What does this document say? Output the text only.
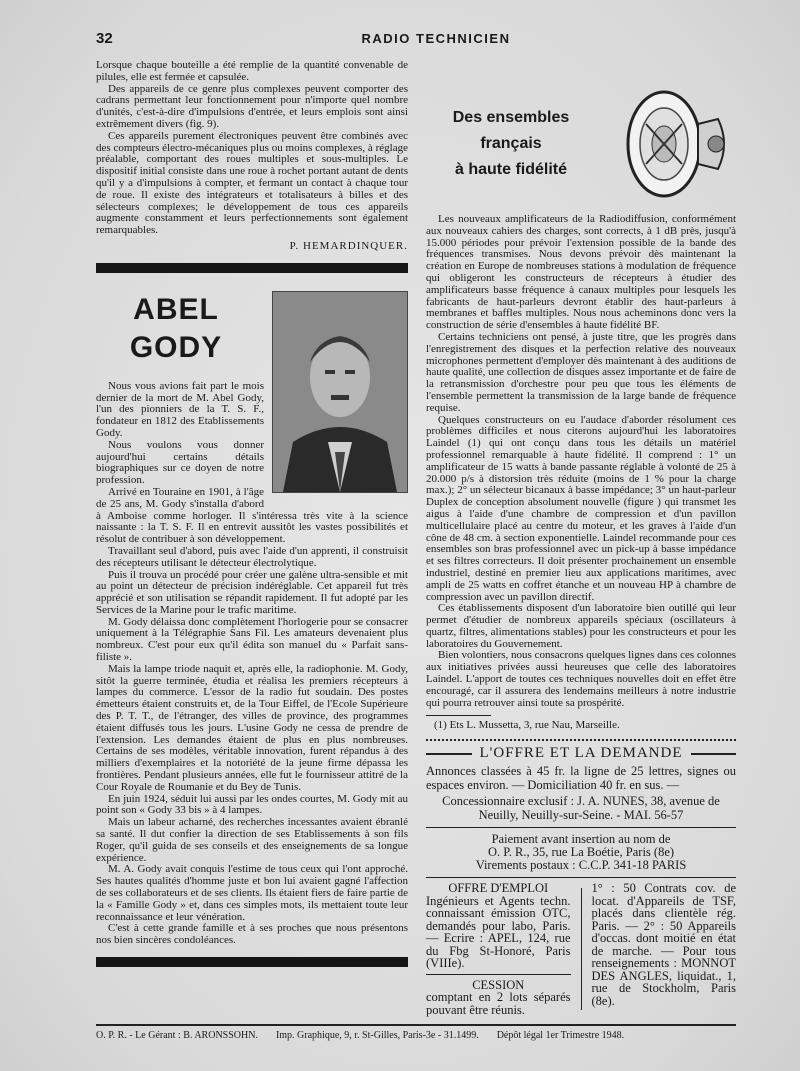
32	RADIO TECHNICIEN

Lorsque chaque bouteille a été remplie de la quantité convenable de pilules, elle est fermée et capsulée.

Des appareils de ce genre plus complexes peuvent comporter des cadrans permettant leur fonctionnement pour n'importe quel nombre d'unités, c'est-à-dire d'impulsions d'entrée, et leurs emplois sont ainsi extrêmement divers (fig. 9).

Ces appareils purement électroniques peuvent être combinés avec des compteurs électro-mécaniques plus ou moins complexes, à réglage préalable, comportant des roues multiples et sous-multiples. Le dispositif initial consiste dans une roue à rochet portant autant de dents qu'il y a d'impulsions à compter, et fermant un contact à chaque tour de roue. Il existe des intégrateurs et totalisateurs à billes et des sélecteurs complexes; le développement de tous ces appareils augmente constamment et leurs perfectionnements sont également remarquables.

P. HEMARDINQUER.
ABEL
GODY

Nous vous avions fait part le mois dernier de la mort de M. Abel Gody, l'un des pionniers de la T. S. F., fondateur en 1812 des Etablissements Gody.

Nous voulons vous donner aujourd'hui certains détails biographiques sur ce doyen de notre profession.

Arrivé en Touraine en 1901, à l'âge de 25 ans, M. Gody s'installa d'abord à Amboise comme horloger. Il s'intéressa très vite à la science naissante : la T. S. F. Il en entrevit aussitôt les vastes possibilités et résolut de contribuer à son développement.

Travaillant seul d'abord, puis avec l'aide d'un apprenti, il construisit des récepteurs utilisant le détecteur électrolytique.

Puis il trouva un procédé pour créer une galène ultra-sensible et mit au point un détecteur de précision indéréglable. Cet appareil fut très apprécié et son utilisation se répandit rapidement. Il fut adopté par les Services de la Marine pour le trafic maritime.

M. Gody délaissa donc complètement l'horlogerie pour se consacrer uniquement à la Télégraphie Sans Fil. Les amateurs devenaient plus nombreux. C'est pour eux qu'il édita son manuel du « Parfait sans-filiste ».

Mais la lampe triode naquit et, après elle, la radiophonie. M. Gody, sitôt la guerre terminée, étudia et réalisa les premiers récepteurs à lampes du commerce. L'essor de la radio fut soudain. Des postes émetteurs étaient construits et, de la Tour Eiffel, de l'Ecole Supérieure des P. T. T., de l'étranger, des villes de province, des programmes étaient diffusés tous les jours. L'usine Gody ne cessa de prendre de l'extension. Les demandes étaient de plus en plus nombreuses. Certains de ses modèles, véritable innovation, furent répandus à des milliers d'exemplaires et la notoriété de la jeune firme dépassa les frontières. Pendant plusieurs années, elle fut le fournisseur attitré de la Cour Royale de Roumanie et du Bey de Tunis.

En juin 1924, séduit lui aussi par les ondes courtes, M. Gody mit au point son « Gody 33 bis » à 4 lampes.

Mais un labeur acharné, des recherches incessantes avaient ébranlé sa santé. Il dut confier la direction de ses Etablissements à son fils Roger, qu'il guida de ses conseils et des enseignements de sa longue expérience.

M. A. Gody avait conquis l'estime de tous ceux qui l'ont approché. Ses hautes qualités d'homme juste et bon lui avaient gagné l'affection de ses collaborateurs et de ses clients. Ils étaient fiers de faire partie de la « Famille Gody » et, dans ces simples mots, ils mettaient toute leur reconnaissance et leur vénération.

C'est à cette grande famille et à ses proches que nous présentons nos bien sincères condoléances.

Des ensembles français
à haute fidélité

Les nouveaux amplificateurs de la Radiodiffusion, conformément aux nouveaux cahiers des charges, sont corrects, à 1 dB près, jusqu'à 15.000 périodes pour prévoir l'extension possible de la bande des fréquences transmises. Nous devons prévoir dès maintenant la création en Europe de nombreuses stations à modulation de fréquence qui obligeront les constructeurs de récepteurs à étudier des amplificateurs basse fréquence à canaux multiples pour lesquels les fabricants de haut-parleurs devront établir des haut-parleurs à membranes et baffles multiples. Nous nous acheminons donc vers la construction de série d'ensembles à haute fidélité BF.

Certains techniciens ont pensé, à juste titre, que les progrès dans l'enregistrement des disques et la perfection relative des nouveaux microphones permettent d'employer dès maintenant à des auditions de haute qualité, une collection de disques assez importante et de faire de la retransmission d'orchestre pour peu que tous les éléments de l'ensemble permettent la transmission de la large bande de fréquence requise.

Quelques constructeurs on eu l'audace d'aborder résolument ces problèmes difficiles et nous citerons aujourd'hui les laboratoires Laindel (1) qui ont conçu dans tous les détails un matériel professionnel remarquable à haute fidélité. Il comprend : 1° un amplificateur de 15 watts à bande passante réglable à volonté de 25 à 20.000 p/s à distorsion très réduite (moins de 1 % pour la charge max.); 2° un sélecteur bicanaux à basse impédance; 3° un haut-parleur Duplex de conception absolument nouvelle (figure ) qui transmet les aigus à l'aide d'une chambre de compression et d'un pavillon multicellulaire placé au centre du moteur, et les graves à l'aide d'un cône de 48 cm. à section exponentielle. Laindel recommande pour ces ensembles son bras professionnel avec un pick-up à basse impédance et ses filtres correcteurs. Il doit présenter prochainement un ensemble industriel, destiné en premier lieu aux applications maritimes, avec ampli de 25 watts en coffret étanche et un nouveau HP à chambre de compression avec un pavillon directif.

Ces établissements disposent d'un laboratoire bien outillé qui leur permet d'étudier de nombreux appareils spéciaux (oscillateurs à quartz, filtres, alimentations stables) pour les constructeurs et pour les laboratoires du Gouvernement.

Bien volontiers, nous consacrons quelques lignes dans ces colonnes aux initiatives privées aussi heureuses que celle des laboratoires Laindel. L'apport de toutes ces techniques nouvelles doit en effet être encouragé, car il assurera des lendemains meilleurs à notre industrie qui pourra retrouver ainsi toute sa prospérité.

(1) Ets L. Mussetta, 3, rue Nau, Marseille.
L'OFFRE ET LA DEMANDE
Annonces classées à 45 fr. la ligne de 25 lettres, signes ou espaces environ. — Domiciliation 40 fr. en sus. —
Concessionnaire exclusif : J. A. NUNES, 38, avenue de Neuilly, Neuilly-sur-Seine. - MAI. 56-57
Paiement avant insertion au nom de
O. P. R., 35, rue La Boétie, Paris (8e)
Virements postaux : C.C.P. 341-18 PARIS
OFFRE D'EMPLOI
Ingénieurs et Agents techn. connaissant émission OTC, demandés pour labo, Paris. — Ecrire : APEL, 124, rue du Fbg St-Honoré, Paris (VIIIe).
CESSION
comptant en 2 lots séparés pouvant être réunis.
1° : 50 Contrats cov. de locat. d'Appareils de TSF, placés dans clientèle rég. Paris. — 2° : 50 Appareils d'occas. dont moitié en état de marche. — Pour tous renseignements : MONNOT DES ANGLES, liquidat., 1, rue de Stockholm, Paris (8e).
O. P. R. - Le Gérant : B. ARONSSOHN. Imp. Graphique, 9, r. St-Gilles, Paris-3e - 31.1499. Dépôt légal 1er Trimestre 1948.
